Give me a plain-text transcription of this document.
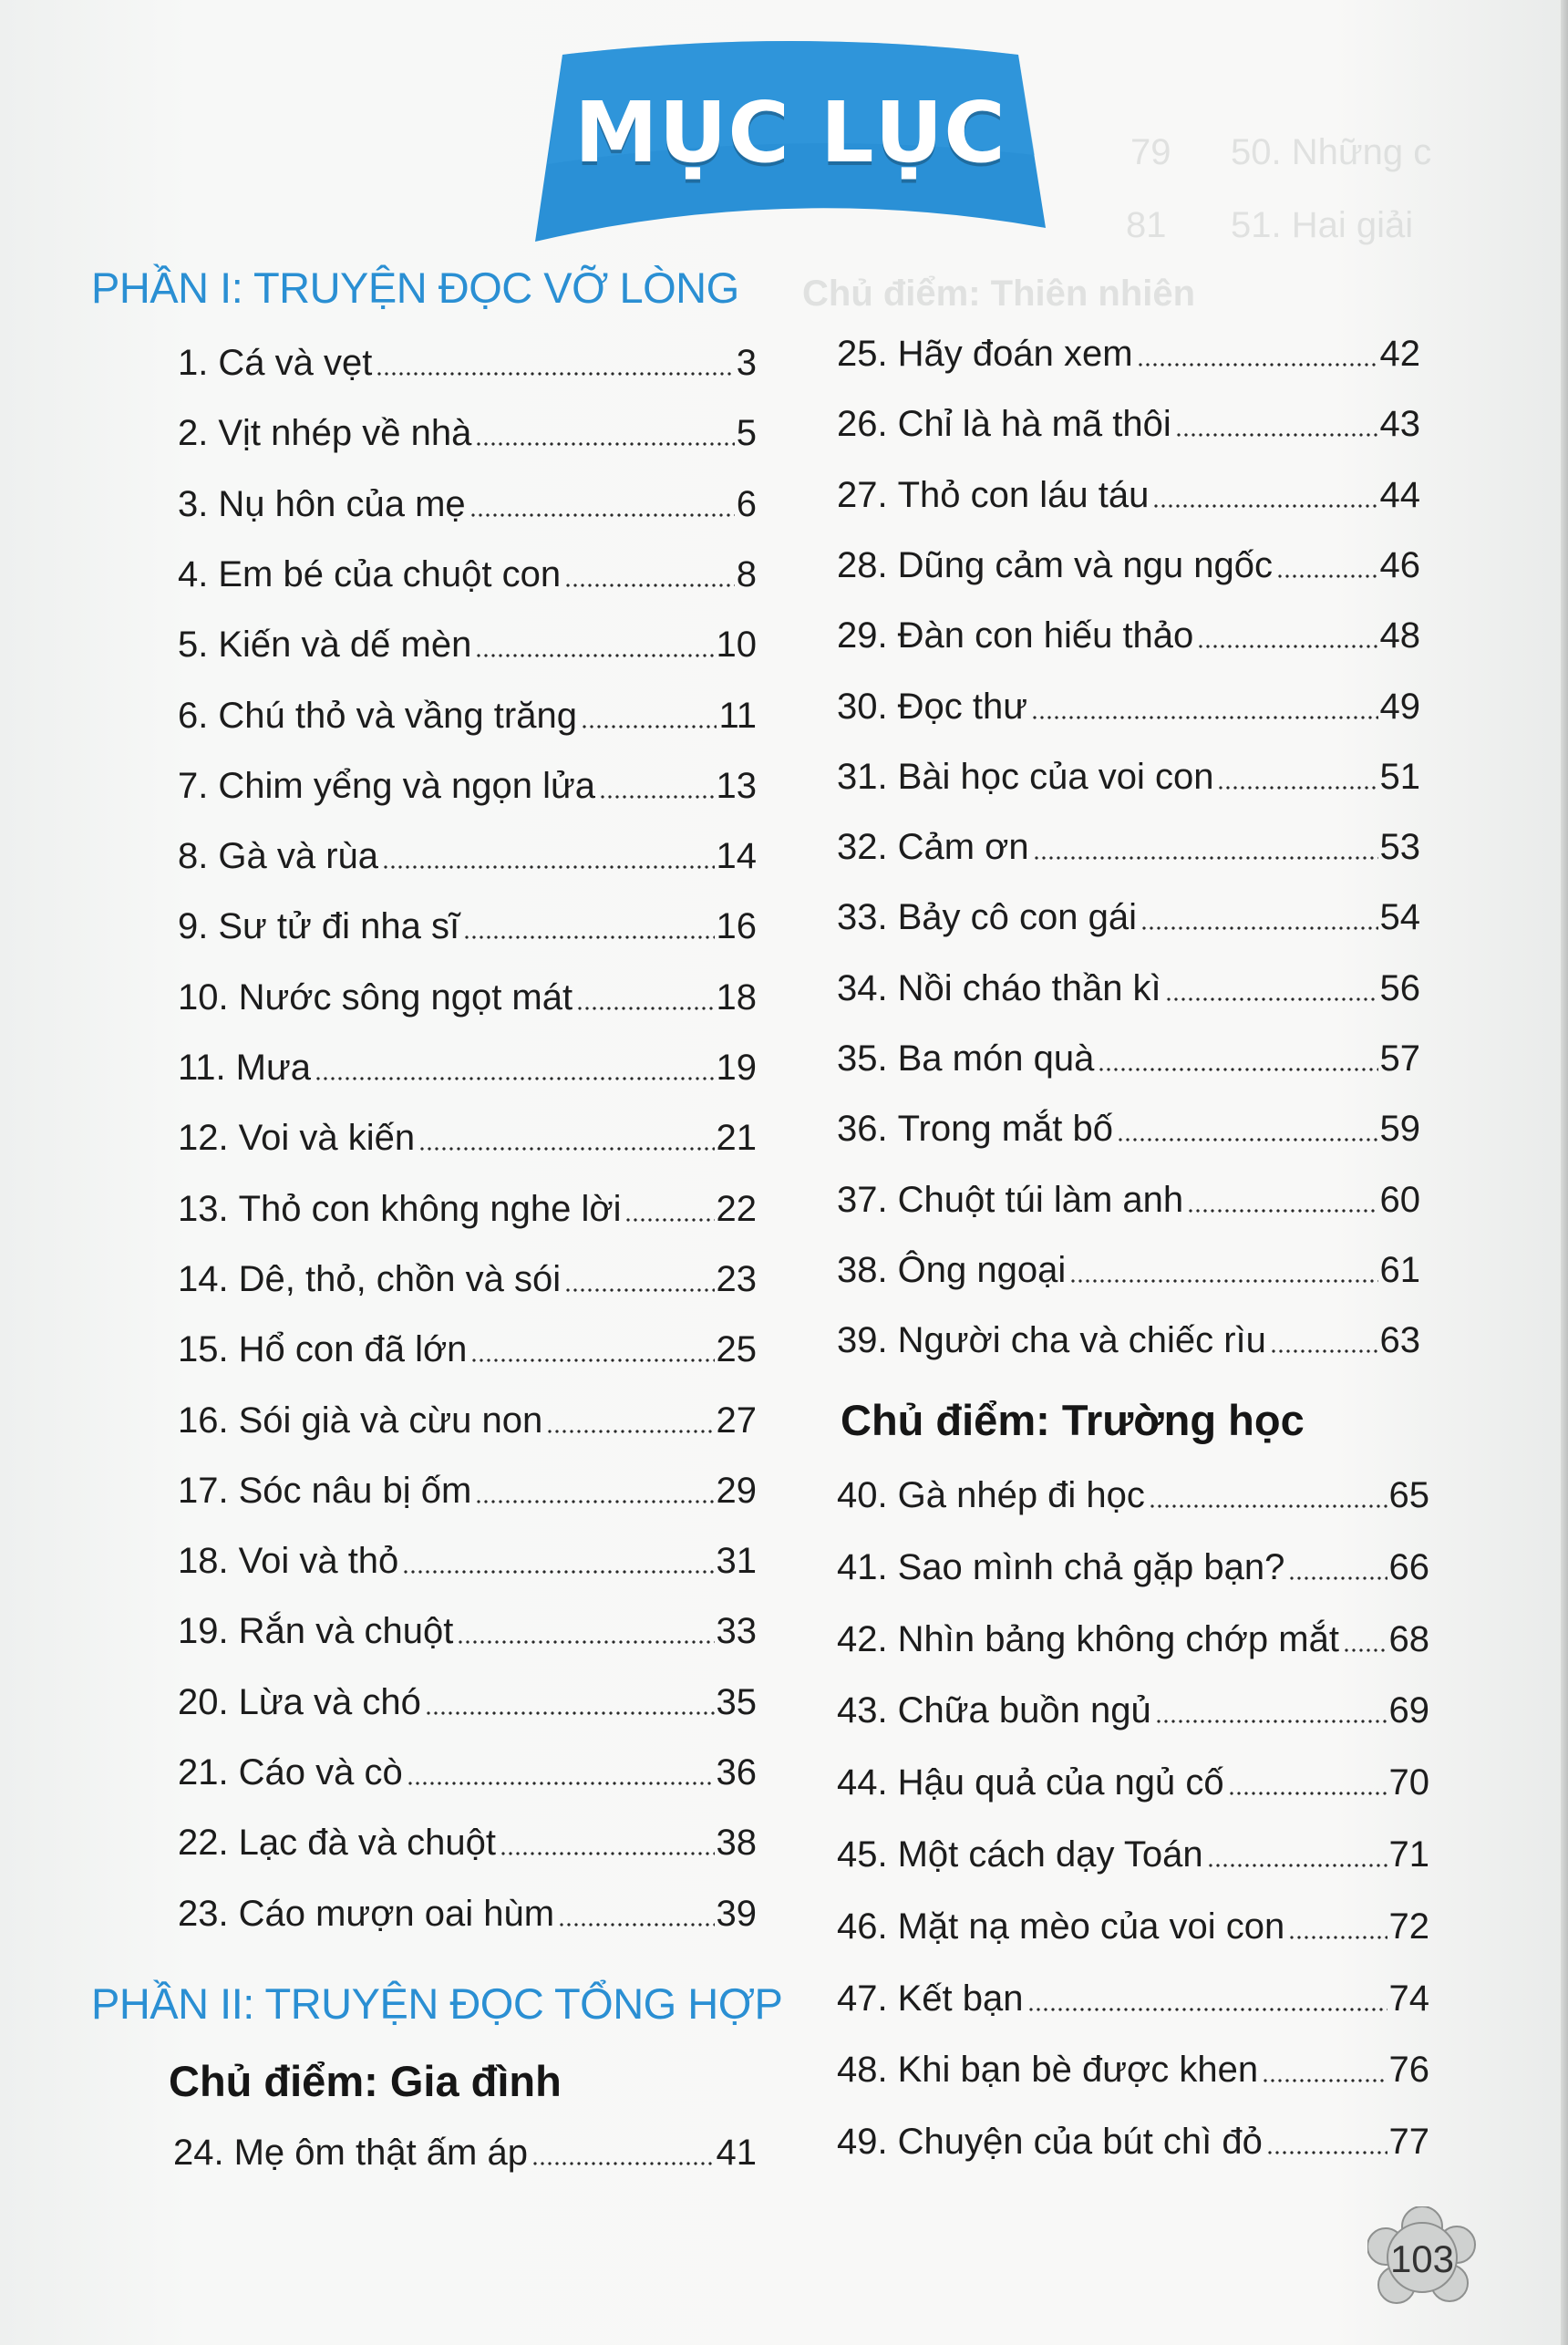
50. Những c
79
51. Hai giải
81
Chủ điểm: Thiên nhiên
MỤC LỤC
PHẦN I: TRUYỆN ĐỌC VỠ LÒNG
1. Cá và vẹt	3
2. Vịt nhép về nhà	5
3. Nụ hôn của mẹ	6
4. Em bé của chuột con	8
5. Kiến và dế mèn	10
6. Chú thỏ và vầng trăng	11
7. Chim yểng và ngọn lửa	13
8. Gà và rùa	14
9. Sư tử đi nha sĩ	16
10. Nước sông ngọt mát	18
11. Mưa	19
12. Voi và kiến	21
13. Thỏ con không nghe lời	22
14. Dê, thỏ, chồn và sói	23
15. Hổ con đã lớn	25
16. Sói già và cừu non	27
17. Sóc nâu bị ốm	29
18. Voi và thỏ	31
19. Rắn và chuột	33
20. Lừa và chó	35
21. Cáo và cò	36
22. Lạc đà và chuột	38
23. Cáo mượn oai hùm	39
PHẦN II: TRUYỆN ĐỌC TỔNG HỢP
Chủ điểm: Gia đình
24. Mẹ ôm thật ấm áp	41
25. Hãy đoán xem	42
26. Chỉ là hà mã thôi	43
27. Thỏ con láu táu	44
28. Dũng cảm và ngu ngốc	46
29. Đàn con hiếu thảo	48
30. Đọc thư	49
31. Bài học của voi con	51
32. Cảm ơn	53
33. Bảy cô con gái	54
34. Nồi cháo thần kì	56
35. Ba món quà	57
36. Trong mắt bố	59
37. Chuột túi làm anh	60
38. Ông ngoại	61
39. Người cha và chiếc rìu	63
Chủ điểm: Trường học
40. Gà nhép đi học	65
41. Sao mình chả gặp bạn?	66
42. Nhìn bảng không chớp mắt 68
43. Chữa buồn ngủ	69
44. Hậu quả của ngủ cố	70
45. Một cách dạy Toán	71
46. Mặt nạ mèo của voi con	72
47. Kết bạn	74
48. Khi bạn bè được khen	76
49. Chuyện của bút chì đỏ	77
103
